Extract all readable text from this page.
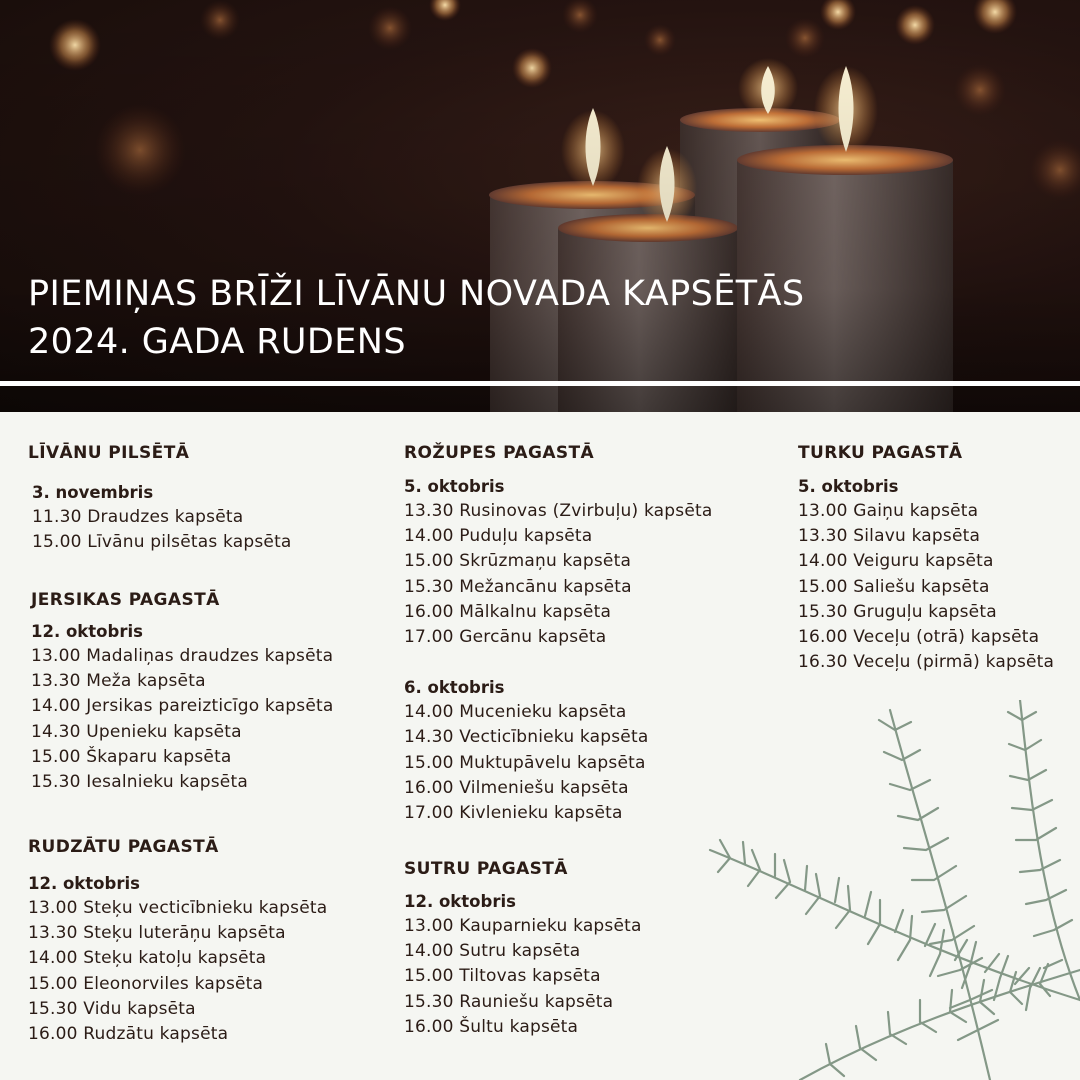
PIEMIŅAS BRĪŽI LĪVĀNU NOVADA KAPSĒTĀS
2024. GADA RUDENS
LĪVĀNU PILSĒTĀ
3. novembris
11.30 Draudzes kapsēta
15.00 Līvānu pilsētas kapsēta
JERSIKAS PAGASTĀ
12. oktobris
13.00 Madaliņas draudzes kapsēta
13.30 Meža kapsēta
14.00 Jersikas pareizticīgo kapsēta
14.30 Upenieku kapsēta
15.00 Škaparu kapsēta
15.30 Iesalnieku kapsēta
RUDZĀTU PAGASTĀ
12. oktobris
13.00 Steķu vecticībnieku kapsēta
13.30 Steķu luterāņu kapsēta
14.00 Steķu katoļu kapsēta
15.00 Eleonorviles kapsēta
15.30 Vidu kapsēta
16.00 Rudzātu kapsēta
ROŽUPES PAGASTĀ
5. oktobris
13.30 Rusinovas (Zvirbuļu) kapsēta
14.00 Puduļu kapsēta
15.00 Skrūzmaņu kapsēta
15.30 Mežancānu kapsēta
16.00 Mālkalnu kapsēta
17.00 Gercānu kapsēta
6. oktobris
14.00 Mucenieku kapsēta
14.30 Vecticībnieku kapsēta
15.00 Muktupāvelu kapsēta
16.00 Vilmeniešu kapsēta
17.00 Kivlenieku kapsēta
SUTRU PAGASTĀ
12. oktobris
13.00 Kauparnieku kapsēta
14.00 Sutru kapsēta
15.00 Tiltovas kapsēta
15.30 Rauniešu kapsēta
16.00 Šultu kapsēta
TURKU PAGASTĀ
5. oktobris
13.00 Gaiņu kapsēta
13.30 Silavu kapsēta
14.00 Veiguru kapsēta
15.00 Saliešu kapsēta
15.30 Gruguļu kapsēta
16.00 Veceļu (otrā) kapsēta
16.30 Veceļu (pirmā) kapsēta
